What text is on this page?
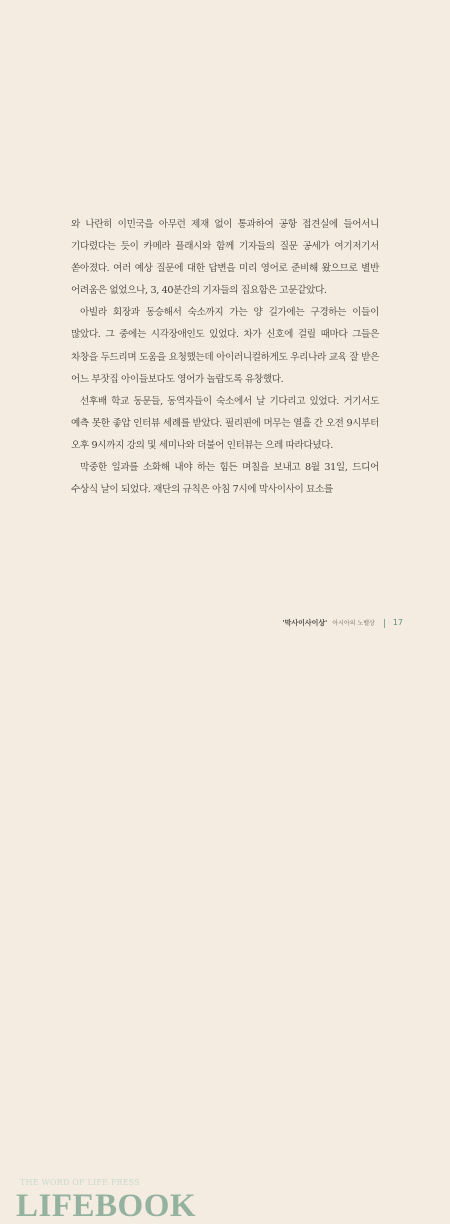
와 나란히 이민국을 아무런 제재 없이 통과하여 공항 접견실에 들어서니 기다렸다는 듯이 카메라 플래시와 함께 기자들의 질문 공세가 여기저기서 쏟아졌다. 여러 예상 질문에 대한 답변을 미리 영어로 준비해 왔으므로 별반 어려움은 없었으나, 3, 40분간의 기자들의 집요함은 고문같았다.

아빌라 회장과 동승해서 숙소까지 가는 양 길가에는 구경하는 이들이 많았다. 그 중에는 시각장애인도 있었다. 차가 신호에 걸릴 때마다 그들은 차창을 두드리며 도움을 요청했는데 아이러니컬하게도 우리나라 교육 잘 받은 어느 부잣집 아이들보다도 영어가 놀랍도록 유창했다.

선후배 학교 동문들, 동역자들이 숙소에서 날 기다리고 있었다. 거기서도 예측 못한 좋압 인터뷰 세례를 받았다. 필리핀에 머무는 열흘 간 오전 9시부터 오후 9시까지 강의 및 세미나와 더불어 인터뷰는 으레 따라다녔다.

막중한 일과를 소화해 내야 하는 힘든 며칠을 보내고 8월 31일, 드디어 수상식 날이 되었다. 재단의 규칙은 아침 7시에 막사이사이 묘소를

THE WORD OF LIFE PRESS
LIFEBOOK
'막사이사이상' 아시아의 노벨상 17
